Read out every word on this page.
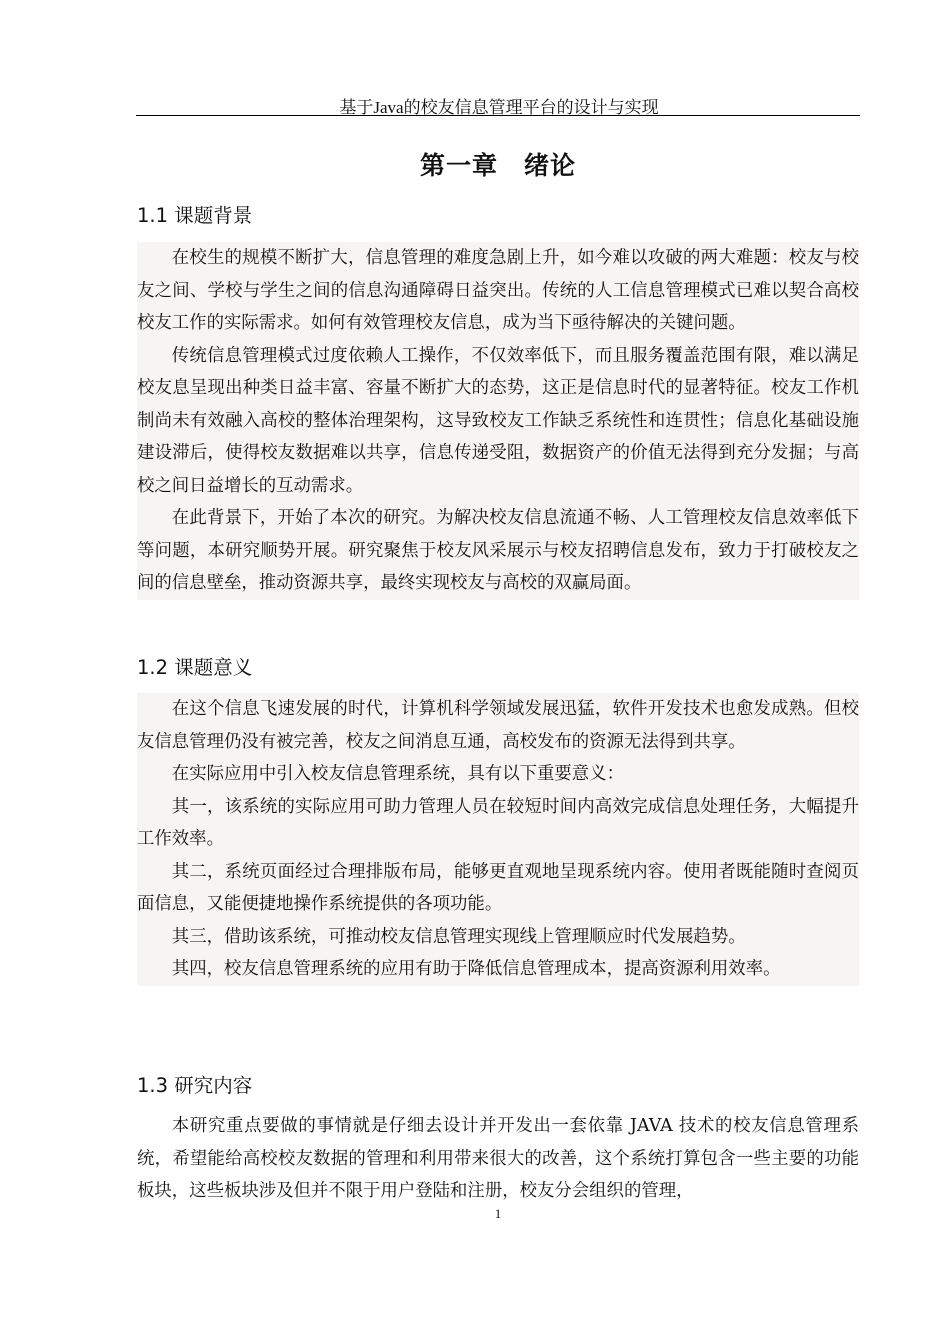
基于Java的校友信息管理平台的设计与实现
第一章　绪论
1.1 课题背景

在校生的规模不断扩大，信息管理的难度急剧上升，如今难以攻破的两大难题：校友与校友之间、学校与学生之间的信息沟通障碍日益突出。传统的人工信息管理模式已难以契合高校校友工作的实际需求。如何有效管理校友信息，成为当下亟待解决的关键问题。

传统信息管理模式过度依赖人工操作，不仅效率低下，而且服务覆盖范围有限，难以满足校友息呈现出种类日益丰富、容量不断扩大的态势，这正是信息时代的显著特征。校友工作机制尚未有效融入高校的整体治理架构，这导致校友工作缺乏系统性和连贯性；信息化基础设施建设滞后，使得校友数据难以共享，信息传递受阻，数据资产的价值无法得到充分发掘；与高校之间日益增长的互动需求。

在此背景下，开始了本次的研究。为解决校友信息流通不畅、人工管理校友信息效率低下等问题，本研究顺势开展。研究聚焦于校友风采展示与校友招聘信息发布，致力于打破校友之间的信息壁垒，推动资源共享，最终实现校友与高校的双赢局面。

1.2 课题意义

在这个信息飞速发展的时代，计算机科学领域发展迅猛，软件开发技术也愈发成熟。但校友信息管理仍没有被完善，校友之间消息互通，高校发布的资源无法得到共享。

在实际应用中引入校友信息管理系统，具有以下重要意义：

其一，该系统的实际应用可助力管理人员在较短时间内高效完成信息处理任务，大幅提升工作效率。

其二，系统页面经过合理排版布局，能够更直观地呈现系统内容。使用者既能随时查阅页面信息，又能便捷地操作系统提供的各项功能。

其三，借助该系统，可推动校友信息管理实现线上管理顺应时代发展趋势。

其四，校友信息管理系统的应用有助于降低信息管理成本，提高资源利用效率。

1.3 研究内容

本研究重点要做的事情就是仔细去设计并开发出一套依靠 JAVA 技术的校友信息管理系统，希望能给高校校友数据的管理和利用带来很大的改善，这个系统打算包含一些主要的功能板块，这些板块涉及但并不限于用户登陆和注册，校友分会组织的管理，

1
